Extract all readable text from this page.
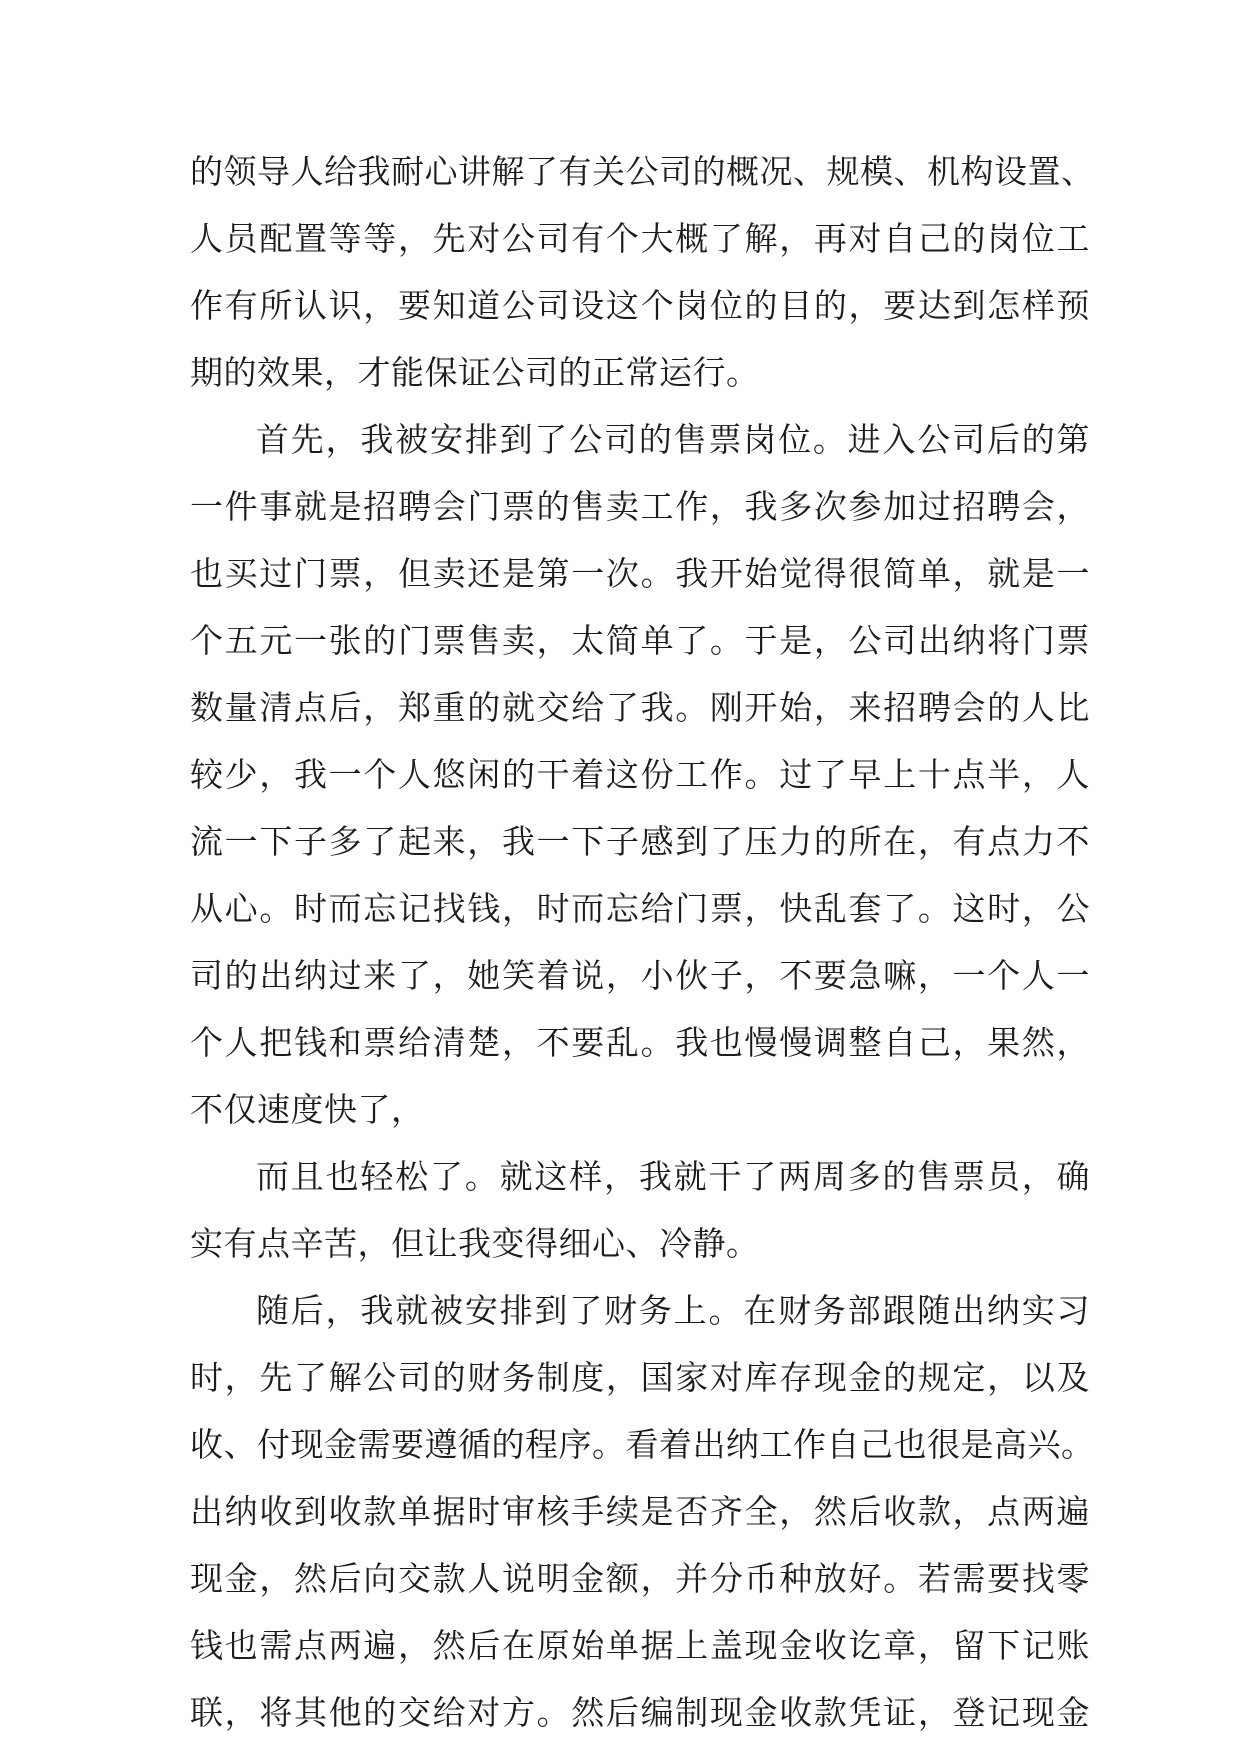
的领导人给我耐心讲解了有关公司的概况、规模、机构设置、
人员配置等等，先对公司有个大概了解，再对自己的岗位工
作有所认识，要知道公司设这个岗位的目的，要达到怎样预
期的效果，才能保证公司的正常运行。
首先，我被安排到了公司的售票岗位。进入公司后的第
一件事就是招聘会门票的售卖工作，我多次参加过招聘会，
也买过门票，但卖还是第一次。我开始觉得很简单，就是一
个五元一张的门票售卖，太简单了。于是，公司出纳将门票
数量清点后，郑重的就交给了我。刚开始，来招聘会的人比
较少，我一个人悠闲的干着这份工作。过了早上十点半，人
流一下子多了起来，我一下子感到了压力的所在，有点力不
从心。时而忘记找钱，时而忘给门票，快乱套了。这时，公
司的出纳过来了，她笑着说，小伙子，不要急嘛，一个人一
个人把钱和票给清楚，不要乱。我也慢慢调整自己，果然，
不仅速度快了，
而且也轻松了。就这样，我就干了两周多的售票员，确
实有点辛苦，但让我变得细心、冷静。
随后，我就被安排到了财务上。在财务部跟随出纳实习
时，先了解公司的财务制度，国家对库存现金的规定，以及
收、付现金需要遵循的程序。看着出纳工作自己也很是高兴。
出纳收到收款单据时审核手续是否齐全，然后收款，点两遍
现金，然后向交款人说明金额，并分币种放好。若需要找零
钱也需点两遍，然后在原始单据上盖现金收讫章，留下记账
联，将其他的交给对方。然后编制现金收款凭证，登记现金
